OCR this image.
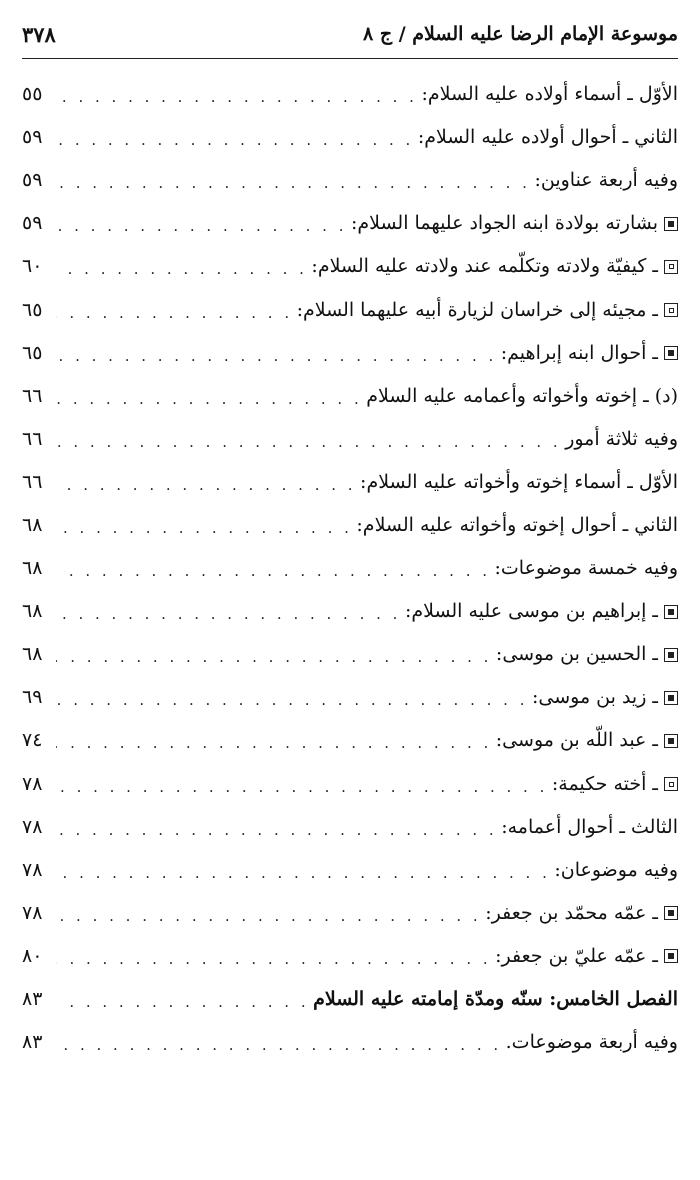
موسوعة الإمام الرضا عليه السلام / ج ٨
٣٧٨
الأوّل ـ أسماء أولاده عليه السلام:
. . .
٥٥
الثاني ـ أحوال أولاده عليه السلام:
. . .
٥٩
وفيه أربعة عناوين:
. . .
٥٩
بشارته بولادة ابنه الجواد عليهما السلام:
. . .
٥٩
ـ كيفيّة ولادته وتكلّمه عند ولادته عليه السلام:
. . .
٦٠
ـ مجيئه إلى خراسان لزيارة أبيه عليهما السلام:
. . .
٦٥
ـ أحوال ابنه إبراهيم:
. . .
٦٥
(د) ـ إخوته وأخواته وأعمامه عليه السلام
. . .
٦٦
وفيه ثلاثة أمور
. . .
٦٦
الأوّل ـ أسماء إخوته وأخواته عليه السلام:
. . .
٦٦
الثاني ـ أحوال إخوته وأخواته عليه السلام:
. . .
٦٨
وفيه خمسة موضوعات:
. . .
٦٨
ـ إبراهيم بن موسى عليه السلام:
. . .
٦٨
ـ الحسين بن موسى:
. . .
٦٨
ـ زيد بن موسى:
. . .
٦٩
ـ عبد اللّه بن موسى:
. . .
٧٤
ـ أخته حكيمة:
. . .
٧٨
الثالث ـ أحوال أعمامه:
. . .
٧٨
وفيه موضوعان:
. . .
٧٨
ـ عمّه محمّد بن جعفر:
. . .
٧٨
ـ عمّه عليّ بن جعفر:
. . .
٨٠
الفصل الخامس: سنّه ومدّة إمامته عليه السلام
. . .
٨٣
وفيه أربعة موضوعات.
. . .
٨٣
